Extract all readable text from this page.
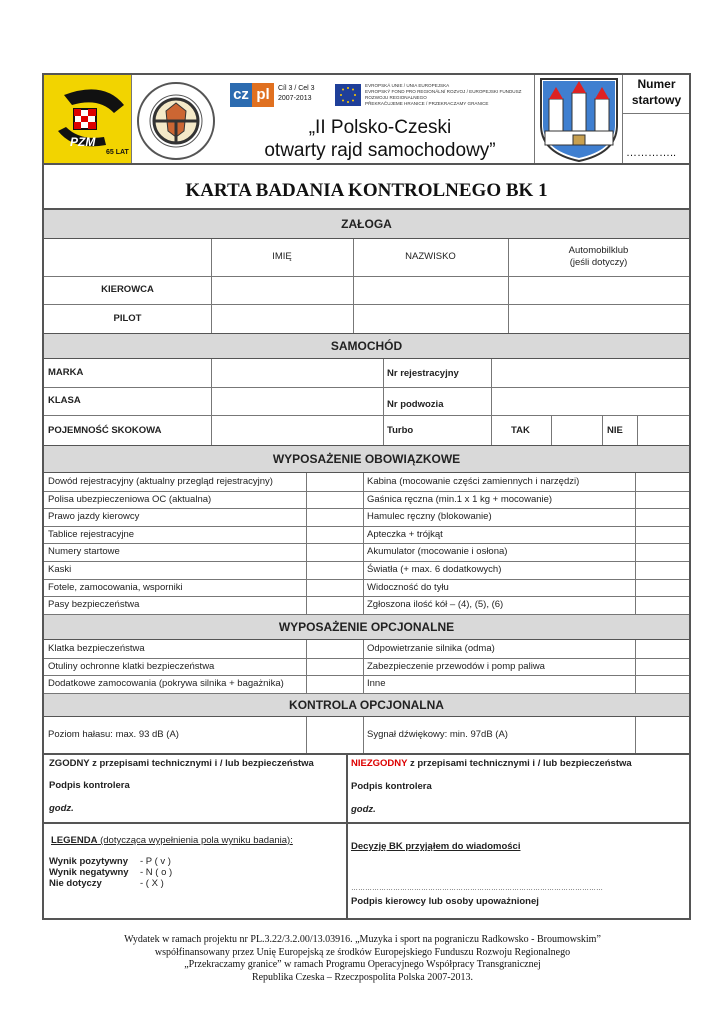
PZM
65 LAT
cz pl	Cíl 3 / Cel 3
2007-2013
EVROPSKÁ UNIE / UNIA EUROPEJSKA
EVROPSKÝ FOND PRO REGIONÁLNÍ ROZVOJ / EUROPEJSKI FUNDUSZ ROZWOJU REGIONALNEGO
PŘEKRAČUJEME HRANICE / PRZEKRACZAMY GRANICE
„II Polsko-Czeski
otwarty rajd samochodowy”
Numer
startowy
…………..
KARTA BADANIA KONTROLNEGO BK 1
ZAŁOGA
IMIĘ	NAZWISKO
Automobilklub
(jeśli dotyczy)
KIEROWCA
PILOT
SAMOCHÓD
MARKA	Nr rejestracyjny
KLASA	Nr podwozia
POJEMNOŚĆ SKOKOWA	Turbo	TAK	NIE
WYPOSAŻENIE OBOWIĄZKOWE
WYPOSAŻENIE OPCJONALNE
KONTROLA OPCJONALNA
Poziom hałasu: max. 93 dB (A)	Sygnał dźwiękowy: min. 97dB (A)
ZGODNY z przepisami technicznymi i / lub bezpieczeństwa
Podpis kontrolera
godz.
NIEZGODNY z przepisami technicznymi i / lub bezpieczeństwa
Podpis kontrolera
godz.
LEGENDA (dotycząca wypełnienia pola wyniku badania):
Wynik pozytywny - P ( v )
Wynik negatywny - N ( o )
Nie dotyczy	- ( X )
Decyzję BK przyjąłem do wiadomości
………………………………………………………………………………………………
Podpis kierowcy lub osoby upoważnionej
Dowód rejestracyjny (aktualny przegląd rejestracyjny)	Kabina (mocowanie części zamiennych i narzędzi)
Polisa ubezpieczeniowa OC (aktualna)	Gaśnica ręczna (min.1 x 1 kg + mocowanie)
Prawo jazdy kierowcy	Hamulec ręczny (blokowanie)
Tablice rejestracyjne	Apteczka + trójkąt
Numery startowe	Akumulator (mocowanie i osłona)
Kaski	Światła (+ max. 6 dodatkowych)
Fotele, zamocowania, wsporniki	Widoczność do tyłu
Pasy bezpieczeństwa	Zgłoszona ilość kół – (4), (5), (6)
Klatka bezpieczeństwa	Odpowietrzanie silnika (odma)
Otuliny ochronne klatki bezpieczeństwa	Zabezpieczenie przewodów i pomp paliwa
Dodatkowe zamocowania (pokrywa silnika + bagażnika)	Inne
Wydatek w ramach projektu nr PL.3.22/3.2.00/13.03916. „Muzyka i sport na pograniczu Radkowsko - Broumowskim”
współfinansowany przez Unię Europejską ze środków Europejskiego Funduszu Rozwoju Regionalnego
„Przekraczamy granice” w ramach Programu Operacyjnego Współpracy Transgranicznej
Republika Czeska – Rzeczpospolita Polska 2007-2013.
